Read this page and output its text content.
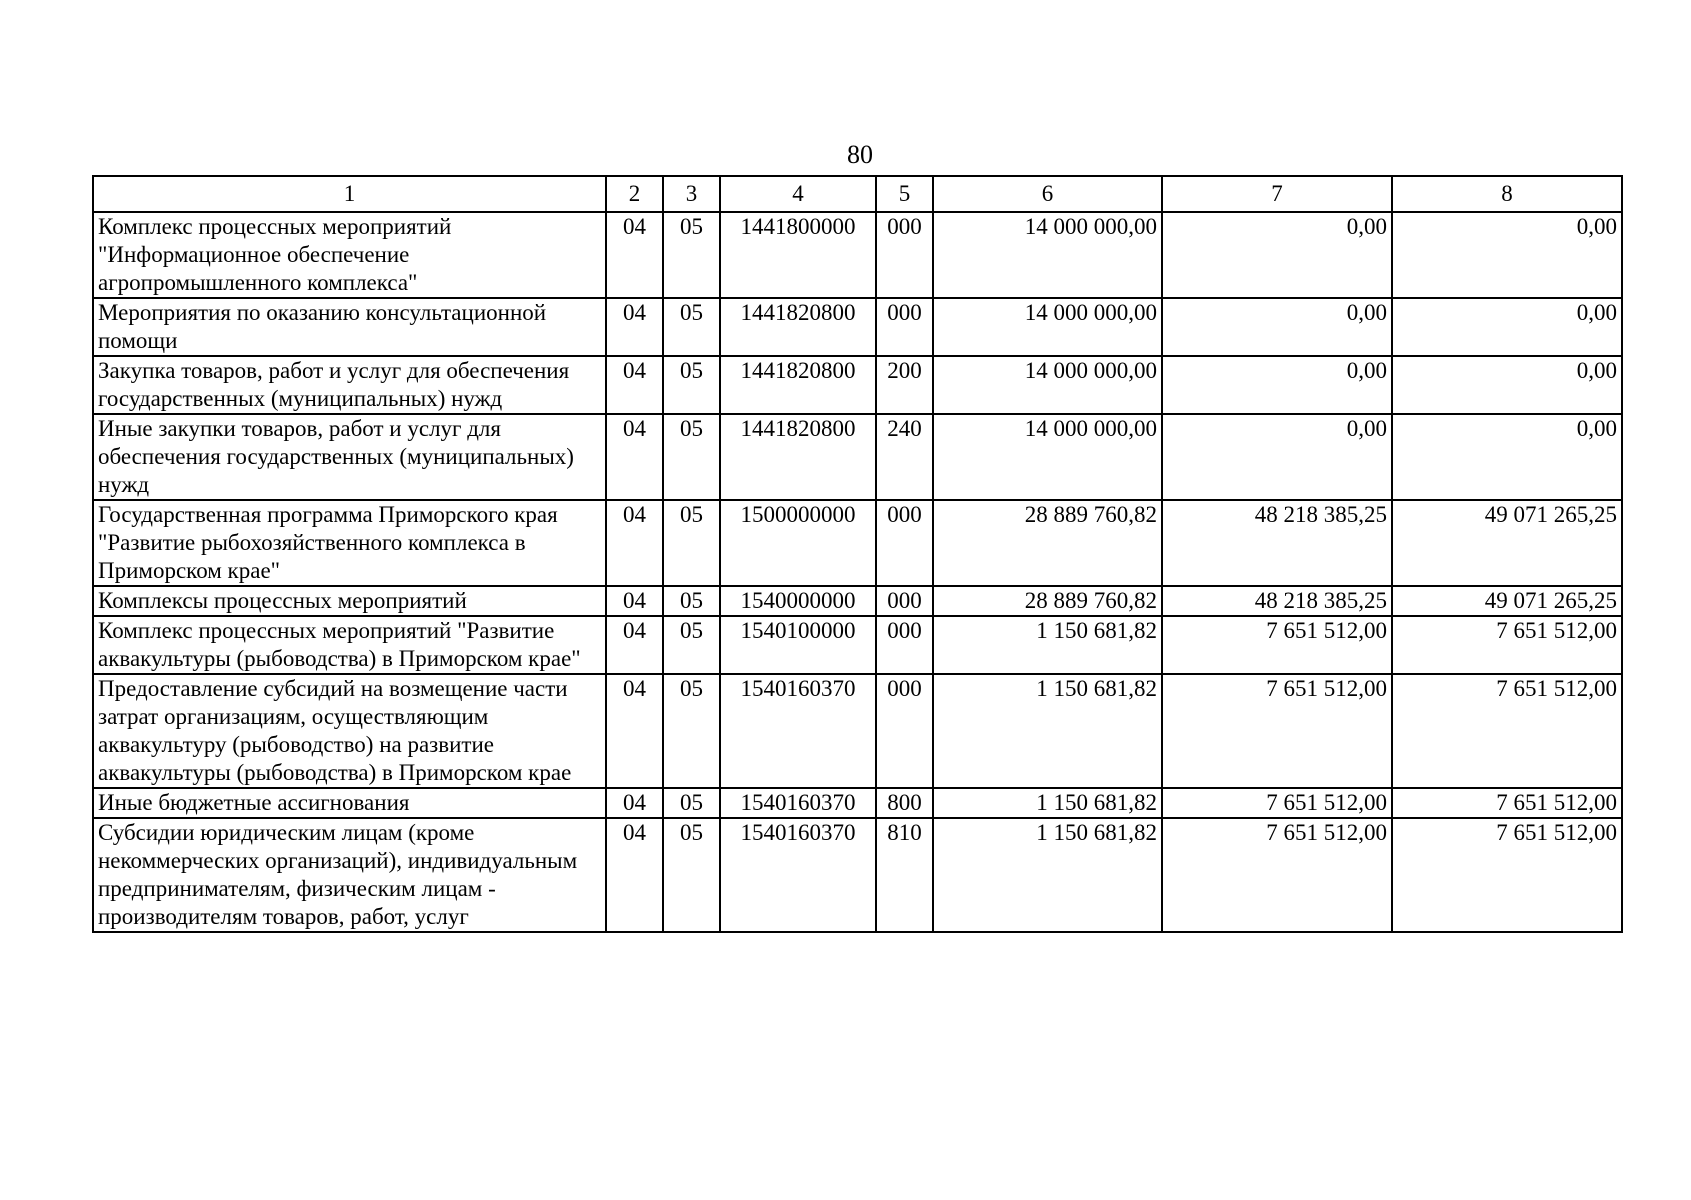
80
1	2	3	4	5	6	7	8
Комплекс процессных мероприятий "Информационное обеспечение агропромышленного комплекса"	04	05	1441800000	000	14 000 000,00	0,00	0,00
Мероприятия по оказанию консультационной помощи	04	05	1441820800	000	14 000 000,00	0,00	0,00
Закупка товаров, работ и услуг для обеспечения государственных (муниципальных) нужд	04	05	1441820800	200	14 000 000,00	0,00	0,00
Иные закупки товаров, работ и услуг для обеспечения государственных (муниципальных) нужд	04	05	1441820800	240	14 000 000,00	0,00	0,00
Государственная программа Приморского края "Развитие рыбохозяйственного комплекса в Приморском крае"	04	05	1500000000	000	28 889 760,82	48 218 385,25	49 071 265,25
Комплексы процессных мероприятий	04	05	1540000000	000	28 889 760,82	48 218 385,25	49 071 265,25
Комплекс процессных мероприятий "Развитие аквакультуры (рыбоводства) в Приморском крае"	04	05	1540100000	000	1 150 681,82	7 651 512,00	7 651 512,00
Предоставление субсидий на возмещение части затрат организациям, осуществляющим аквакультуру (рыбоводство) на развитие аквакультуры (рыбоводства) в Приморском крае	04	05	1540160370	000	1 150 681,82	7 651 512,00	7 651 512,00
Иные бюджетные ассигнования	04	05	1540160370	800	1 150 681,82	7 651 512,00	7 651 512,00
Субсидии юридическим лицам (кроме некоммерческих организаций), индивидуальным предпринимателям, физическим лицам - производителям товаров, работ, услуг	04	05	1540160370	810	1 150 681,82	7 651 512,00	7 651 512,00
